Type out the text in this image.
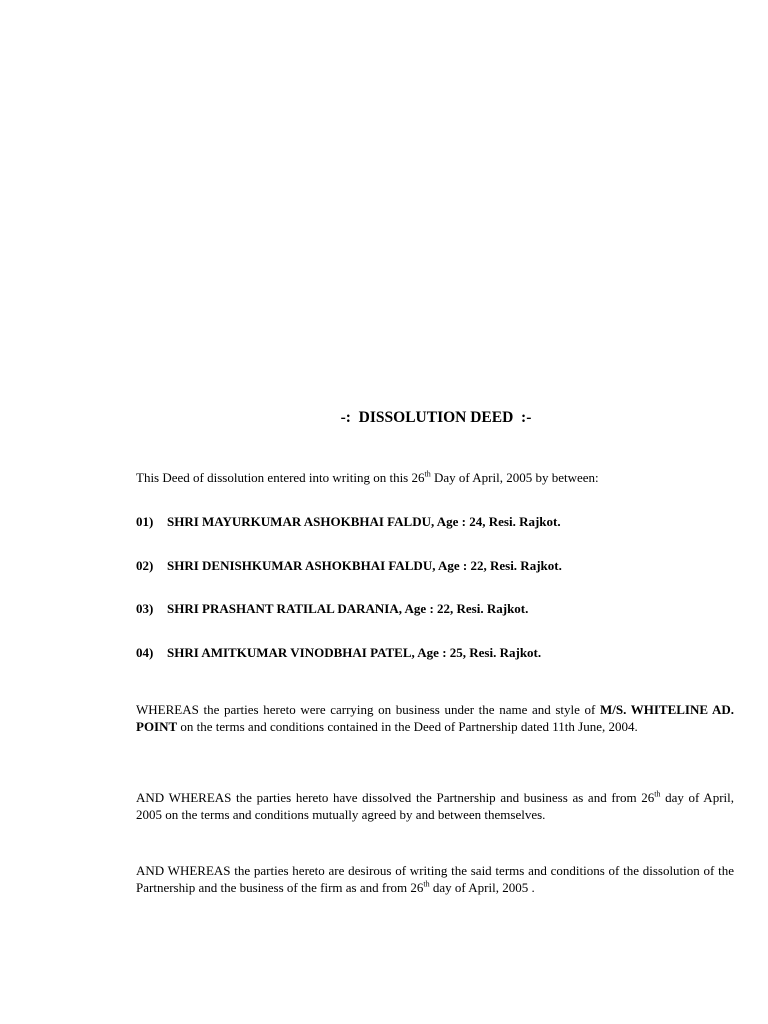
-:  DISSOLUTION DEED  :-
This Deed of dissolution entered into writing on this 26th Day of April, 2005 by between:
01) SHRI MAYURKUMAR ASHOKBHAI FALDU, Age : 24, Resi. Rajkot.
02) SHRI DENISHKUMAR ASHOKBHAI FALDU, Age : 22, Resi. Rajkot.
03) SHRI PRASHANT RATILAL DARANIA, Age : 22, Resi. Rajkot.
04) SHRI AMITKUMAR VINODBHAI PATEL, Age : 25, Resi. Rajkot.
WHEREAS the parties hereto were carrying on business under the name and style of M/S. WHITELINE AD. POINT on the terms and conditions contained in the Deed of Partnership dated 11th June, 2004.
AND WHEREAS the parties hereto have dissolved the Partnership and business as and from 26th day of April, 2005 on the terms and conditions mutually agreed by and between themselves.
AND WHEREAS the parties hereto are desirous of writing the said terms and conditions of the dissolution of the Partnership and the business of the firm as and from 26th day of April, 2005 .
